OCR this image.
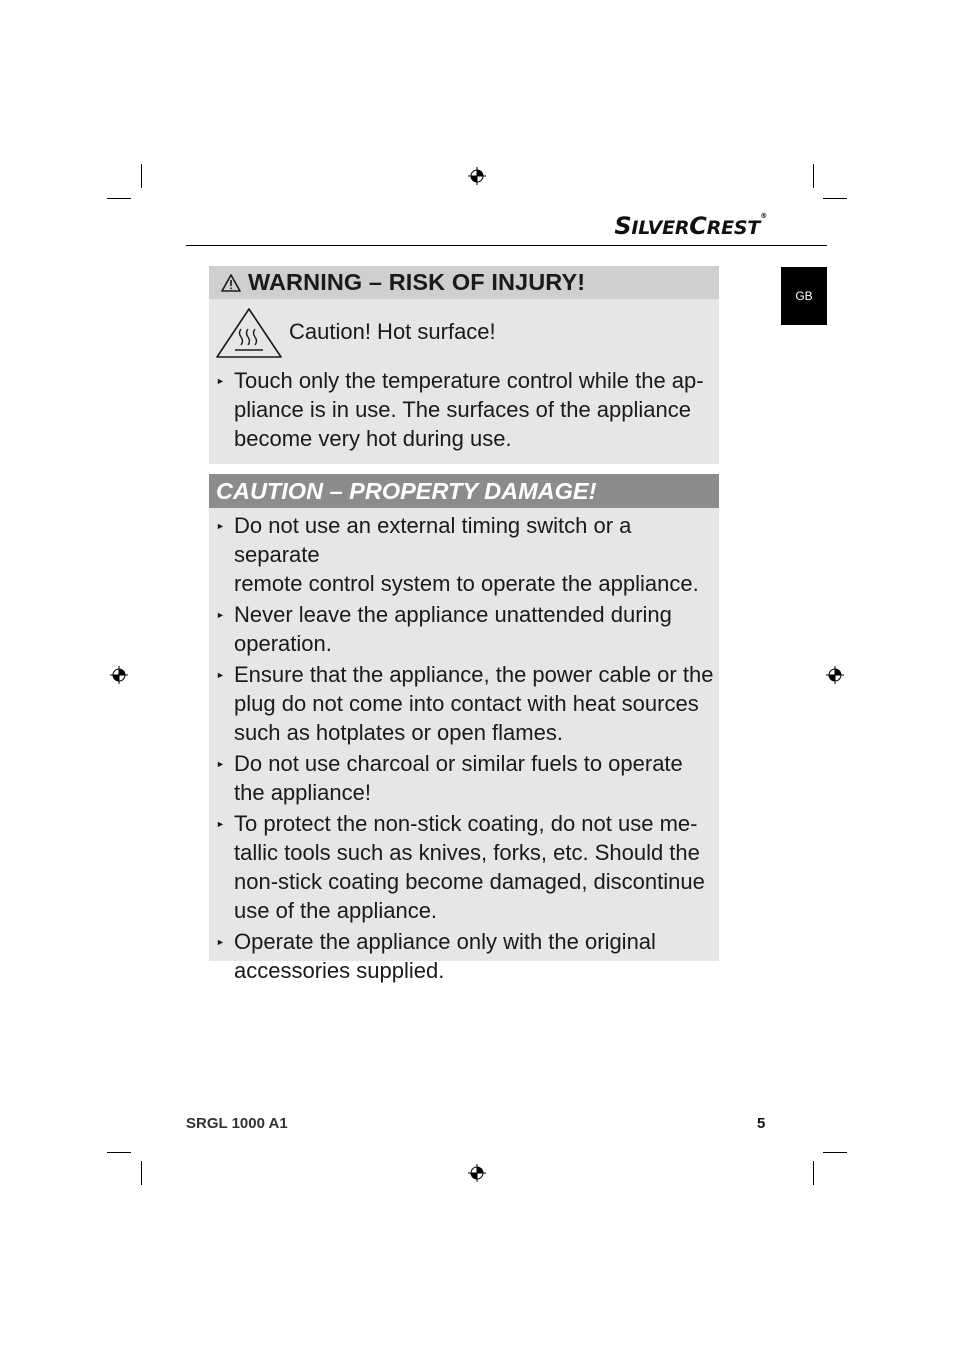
SILVERCREST®
GB
WARNING – RISK OF INJURY!
Caution! Hot surface!
► Touch only the temperature control while the ap-
pliance is in use. The surfaces of the appliance
become very hot during use.
CAUTION – PROPERTY DAMAGE!
► Do not use an external timing switch or a separate
remote control system to operate the appliance.
► Never leave the appliance unattended during
operation.
► Ensure that the appliance, the power cable or the
plug do not come into contact with heat sources
such as hotplates or open flames.
► Do not use charcoal or similar fuels to operate
the appliance!
► To protect the non-stick coating, do not use me-
tallic tools such as knives, forks, etc. Should the
non-stick coating become damaged, discontinue
use of the appliance.
► Operate the appliance only with the original
accessories supplied.
SRGL 1000 A1	5
